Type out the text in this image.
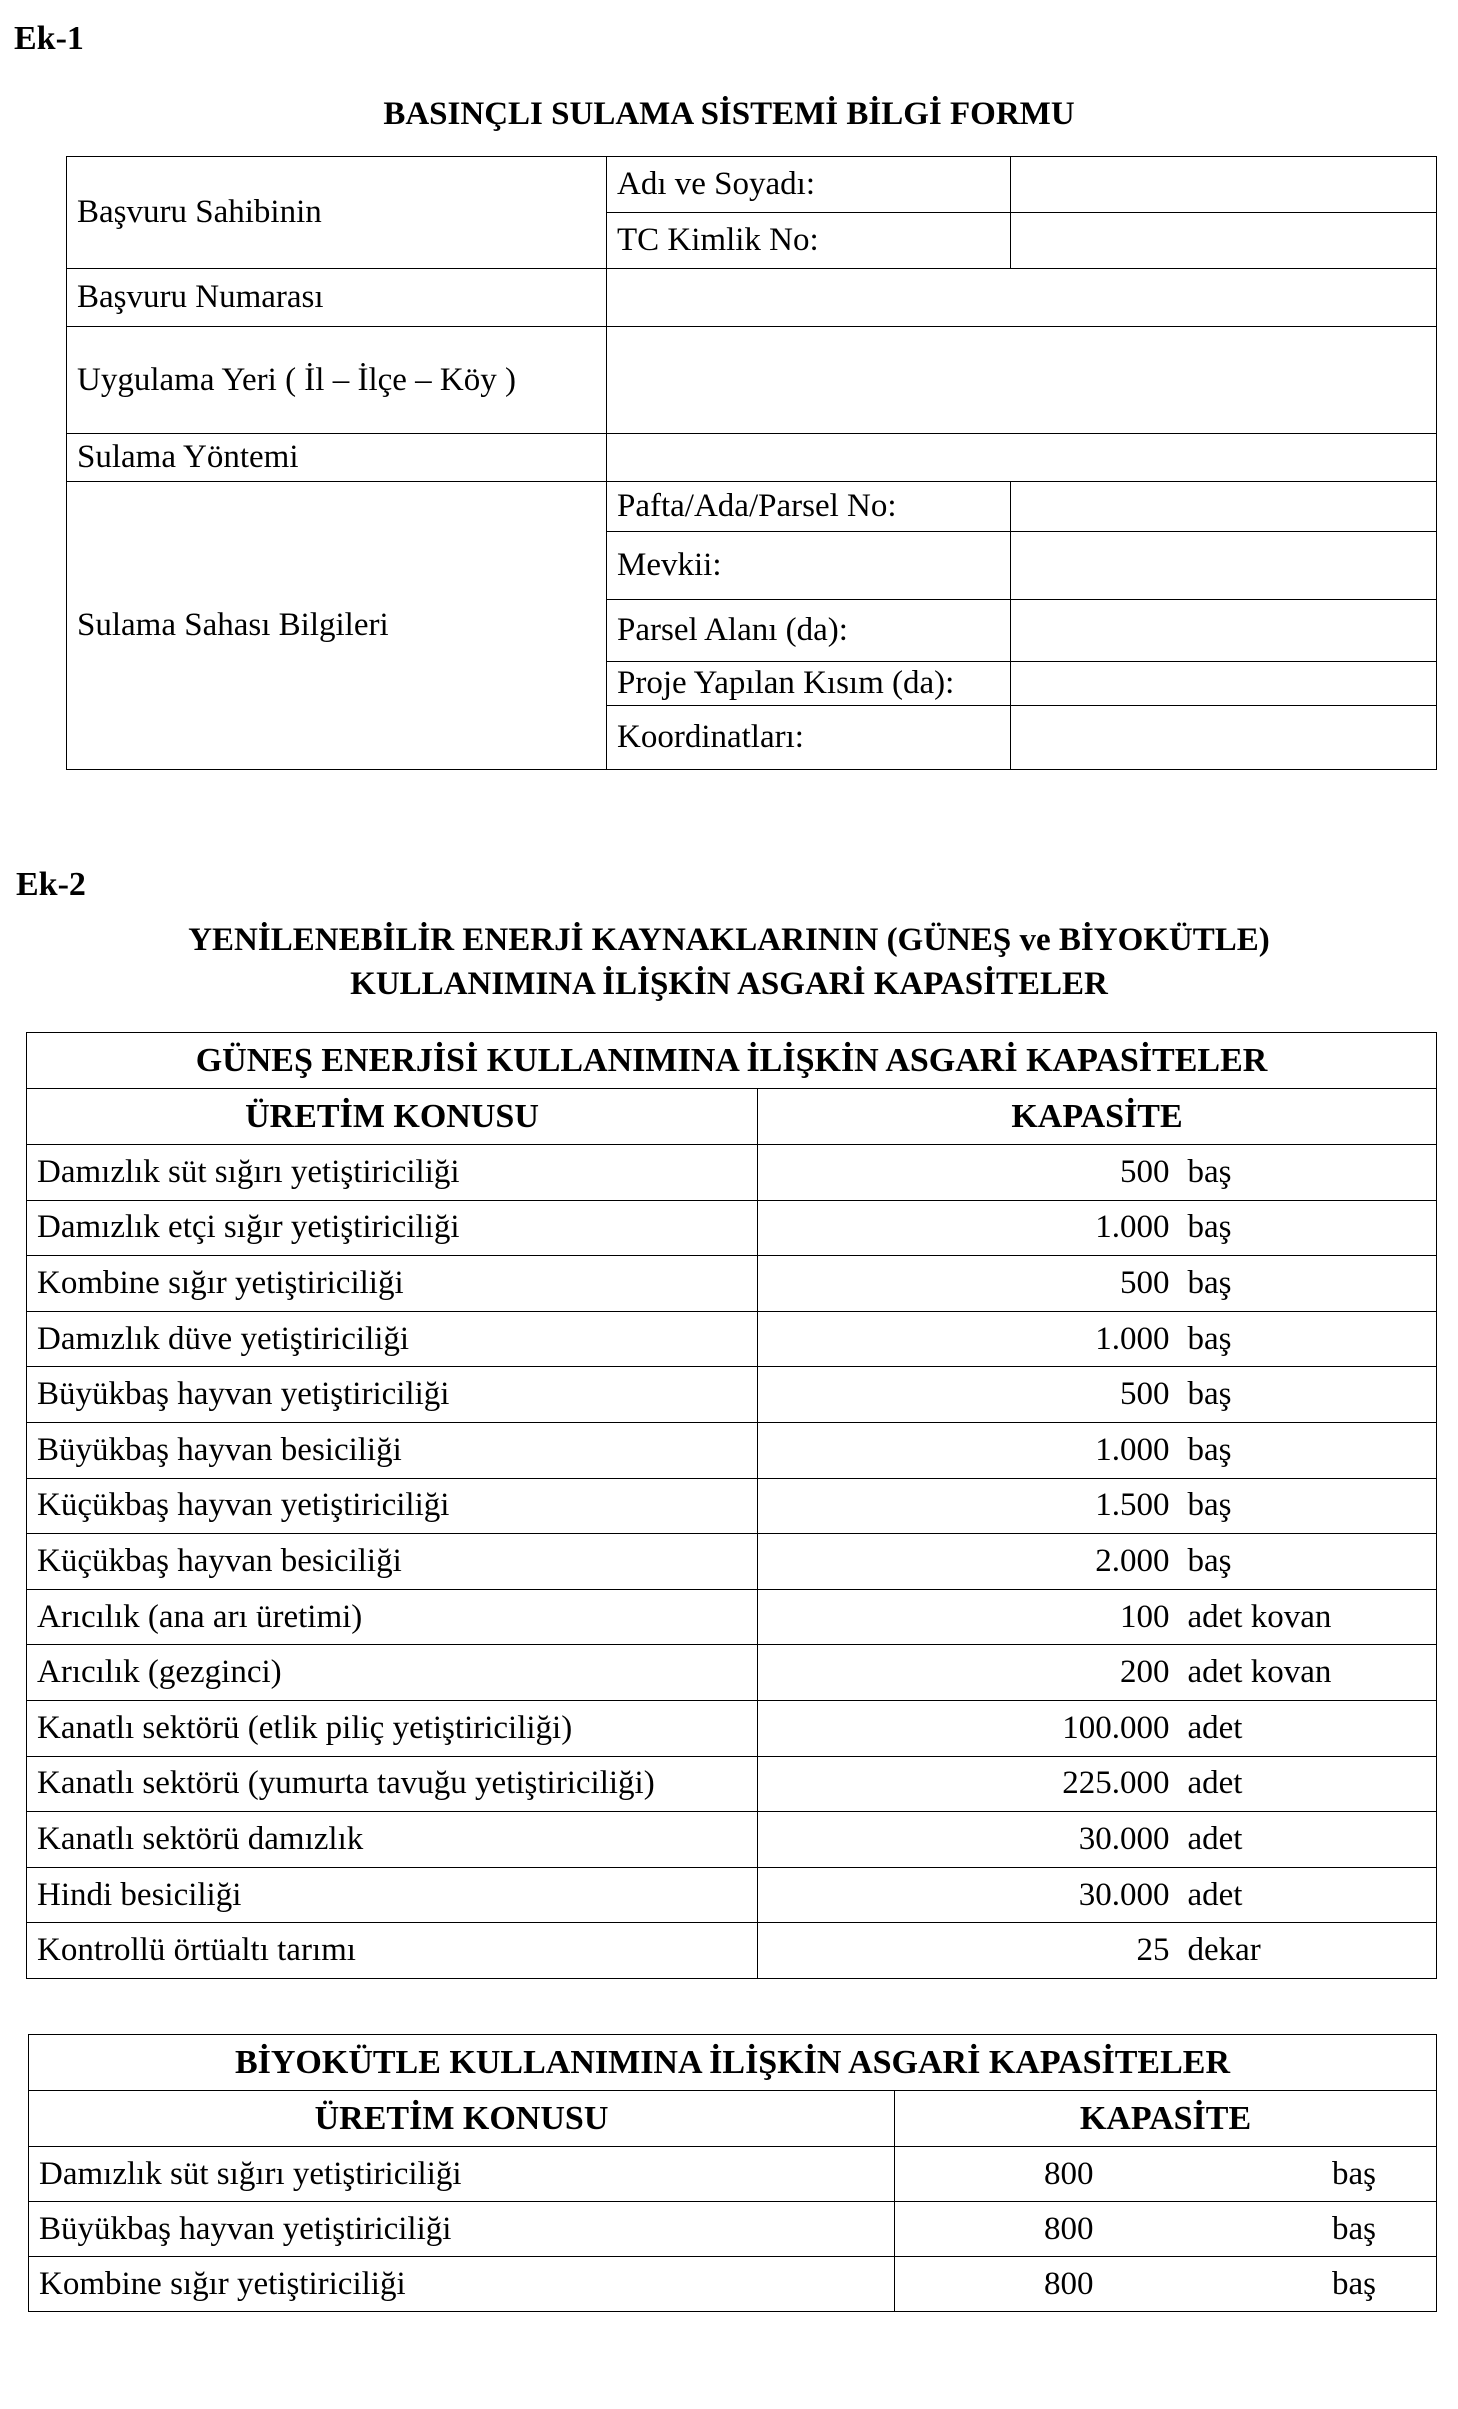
Ek-1
BASINÇLI SULAMA SİSTEMİ BİLGİ FORMU
Başvuru Sahibinin	Adı ve Soyadı:	
	TC Kimlik No:	
Başvuru Numarası		
Uygulama Yeri ( İl – İlçe – Köy )		
Sulama Yöntemi		
Sulama Sahası Bilgileri	Pafta/Ada/Parsel No:	
	Mevkii:	
	Parsel Alanı (da):	
	Proje Yapılan Kısım (da):	
	Koordinatları:	
Ek-2
YENİLENEBİLİR ENERJİ KAYNAKLARININ (GÜNEŞ ve BİYOKÜTLE)
KULLANIMINA İLİŞKİN ASGARİ KAPASİTELER
GÜNEŞ ENERJİSİ KULLANIMINA İLİŞKİN ASGARİ KAPASİTELER		
ÜRETİM KONUSU	KAPASİTE	
Damızlık süt sığırı yetiştiriciliği	500	baş
Damızlık etçi sığır yetiştiriciliği	1.000	baş
Kombine sığır yetiştiriciliği	500	baş
Damızlık düve yetiştiriciliği	1.000	baş
Büyükbaş hayvan yetiştiriciliği	500	baş
Büyükbaş hayvan besiciliği	1.000	baş
Küçükbaş hayvan yetiştiriciliği	1.500	baş
Küçükbaş hayvan besiciliği	2.000	baş
Arıcılık (ana arı üretimi)	100	adet kovan
Arıcılık (gezginci)	200	adet kovan
Kanatlı sektörü (etlik piliç yetiştiriciliği)	100.000	adet
Kanatlı sektörü (yumurta tavuğu yetiştiriciliği)	225.000	adet
Kanatlı sektörü damızlık	30.000	adet
Hindi besiciliği	30.000	adet
Kontrollü örtüaltı tarımı	25	dekar
BİYOKÜTLE KULLANIMINA İLİŞKİN ASGARİ KAPASİTELER		
ÜRETİM KONUSU	KAPASİTE	
Damızlık süt sığırı yetiştiriciliği	800	baş
Büyükbaş hayvan yetiştiriciliği	800	baş
Kombine sığır yetiştiriciliği	800	baş
